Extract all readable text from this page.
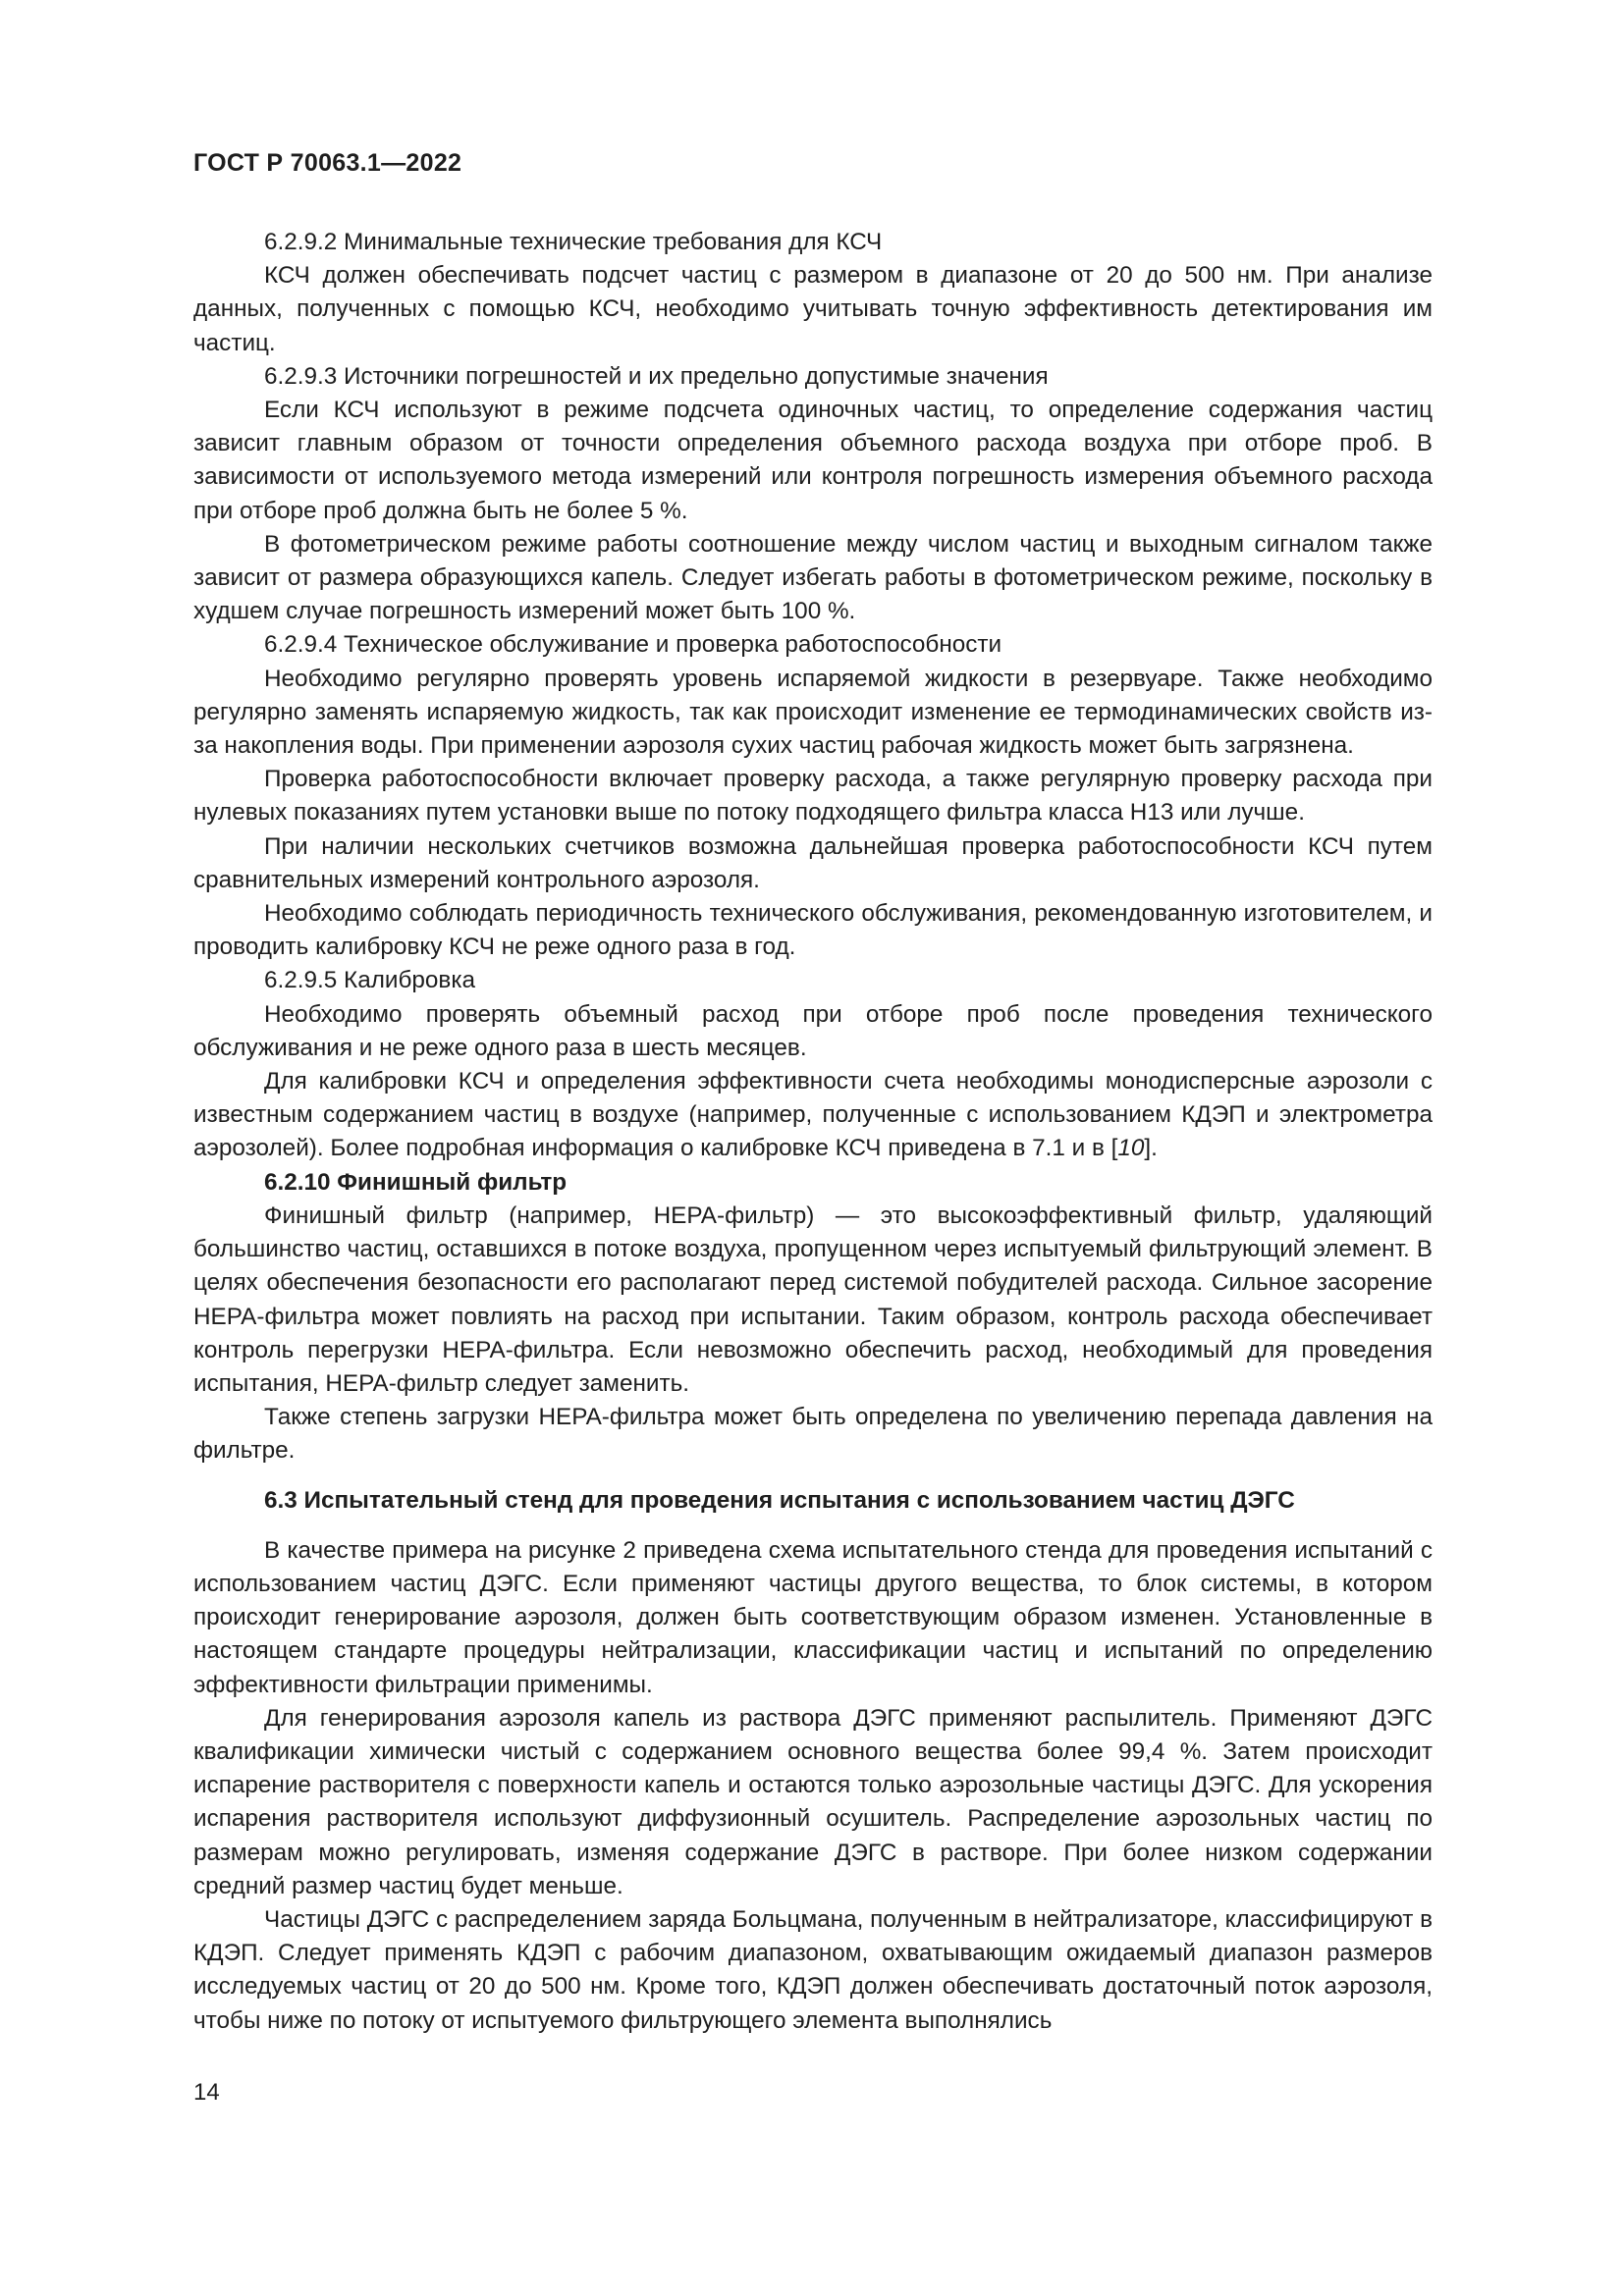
ГОСТ Р 70063.1—2022

6.2.9.2 Минимальные технические требования для КСЧ

КСЧ должен обеспечивать подсчет частиц с размером в диапазоне от 20 до 500 нм. При анализе данных, полученных с помощью КСЧ, необходимо учитывать точную эффективность детектирования им частиц.

6.2.9.3 Источники погрешностей и их предельно допустимые значения

Если КСЧ используют в режиме подсчета одиночных частиц, то определение содержания частиц зависит главным образом от точности определения объемного расхода воздуха при отборе проб. В зависимости от используемого метода измерений или контроля погрешность измерения объемного расхода при отборе проб должна быть не более 5 %.

В фотометрическом режиме работы соотношение между числом частиц и выходным сигналом также зависит от размера образующихся капель. Следует избегать работы в фотометрическом режиме, поскольку в худшем случае погрешность измерений может быть 100 %.

6.2.9.4 Техническое обслуживание и проверка работоспособности

Необходимо регулярно проверять уровень испаряемой жидкости в резервуаре. Также необходимо регулярно заменять испаряемую жидкость, так как происходит изменение ее термодинамических свойств из-за накопления воды. При применении аэрозоля сухих частиц рабочая жидкость может быть загрязнена.

Проверка работоспособности включает проверку расхода, а также регулярную проверку расхода при нулевых показаниях путем установки выше по потоку подходящего фильтра класса Н13 или лучше.

При наличии нескольких счетчиков возможна дальнейшая проверка работоспособности КСЧ путем сравнительных измерений контрольного аэрозоля.

Необходимо соблюдать периодичность технического обслуживания, рекомендованную изготовителем, и проводить калибровку КСЧ не реже одного раза в год.

6.2.9.5 Калибровка

Необходимо проверять объемный расход при отборе проб после проведения технического обслуживания и не реже одного раза в шесть месяцев.

Для калибровки КСЧ и определения эффективности счета необходимы монодисперсные аэрозоли с известным содержанием частиц в воздухе (например, полученные с использованием КДЭП и электрометра аэрозолей). Более подробная информация о калибровке КСЧ приведена в 7.1 и в [10].

6.2.10 Финишный фильтр

Финишный фильтр (например, HEPA-фильтр) — это высокоэффективный фильтр, удаляющий большинство частиц, оставшихся в потоке воздуха, пропущенном через испытуемый фильтрующий элемент. В целях обеспечения безопасности его располагают перед системой побудителей расхода. Сильное засорение HEPA-фильтра может повлиять на расход при испытании. Таким образом, контроль расхода обеспечивает контроль перегрузки HEPA-фильтра. Если невозможно обеспечить расход, необходимый для проведения испытания, HEPA-фильтр следует заменить.

Также степень загрузки HEPA-фильтра может быть определена по увеличению перепада давления на фильтре.

6.3 Испытательный стенд для проведения испытания с использованием частиц ДЭГС

В качестве примера на рисунке 2 приведена схема испытательного стенда для проведения испытаний с использованием частиц ДЭГС. Если применяют частицы другого вещества, то блок системы, в котором происходит генерирование аэрозоля, должен быть соответствующим образом изменен. Установленные в настоящем стандарте процедуры нейтрализации, классификации частиц и испытаний по определению эффективности фильтрации применимы.

Для генерирования аэрозоля капель из раствора ДЭГС применяют распылитель. Применяют ДЭГС квалификации химически чистый с содержанием основного вещества более 99,4 %. Затем происходит испарение растворителя с поверхности капель и остаются только аэрозольные частицы ДЭГС. Для ускорения испарения растворителя используют диффузионный осушитель. Распределение аэрозольных частиц по размерам можно регулировать, изменяя содержание ДЭГС в растворе. При более низком содержании средний размер частиц будет меньше.

Частицы ДЭГС с распределением заряда Больцмана, полученным в нейтрализаторе, классифицируют в КДЭП. Следует применять КДЭП с рабочим диапазоном, охватывающим ожидаемый диапазон размеров исследуемых частиц от 20 до 500 нм. Кроме того, КДЭП должен обеспечивать достаточный поток аэрозоля, чтобы ниже по потоку от испытуемого фильтрующего элемента выполнялись

14
